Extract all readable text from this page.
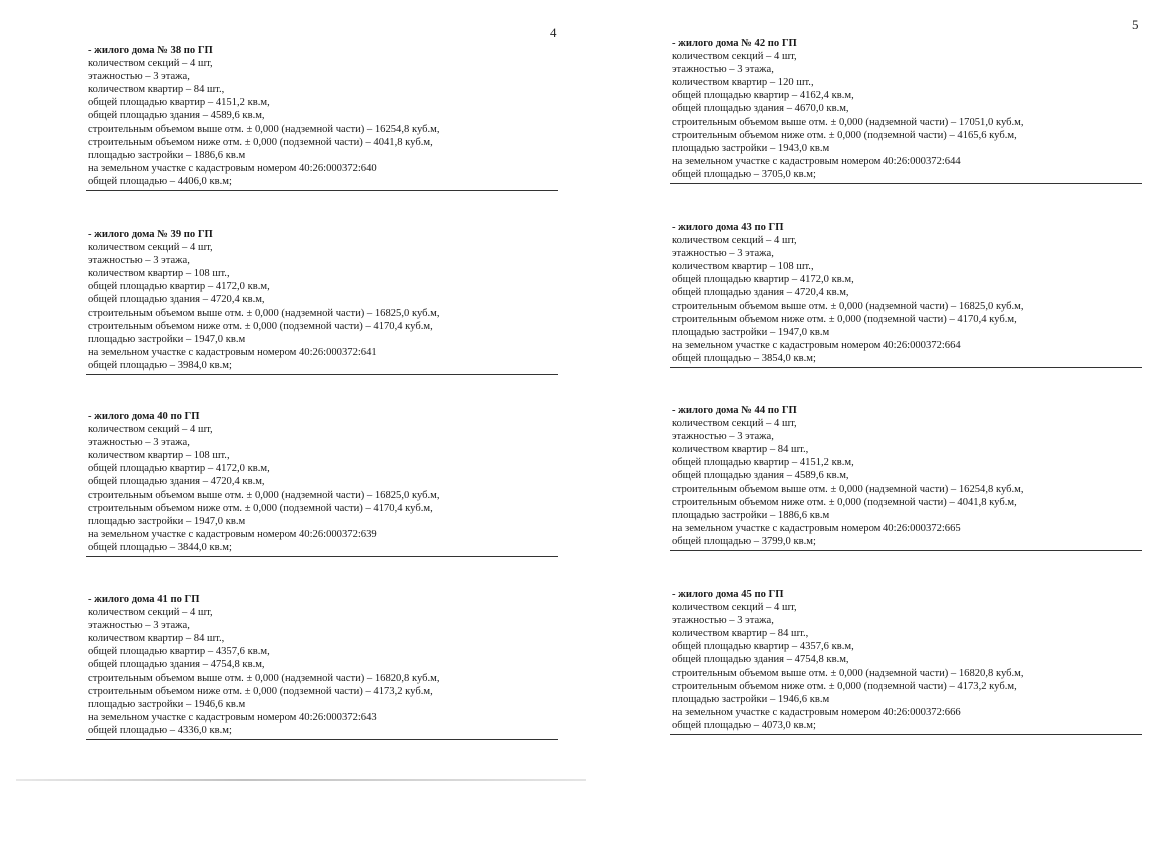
4
- жилого дома № 38 по ГП
количеством секций – 4 шт,
этажностью – 3 этажа,
количеством квартир – 84 шт.,
общей площадью квартир – 4151,2 кв.м,
общей площадью здания – 4589,6 кв.м,
строительным объемом выше отм. ± 0,000 (надземной части) – 16254,8 куб.м,
строительным объемом ниже отм. ± 0,000 (подземной части) – 4041,8 куб.м,
площадью застройки – 1886,6 кв.м
на земельном участке с кадастровым номером 40:26:000372:640
общей площадью – 4406,0 кв.м;
- жилого дома № 39 по ГП
количеством секций – 4 шт,
этажностью – 3 этажа,
количеством квартир – 108 шт.,
общей площадью квартир – 4172,0 кв.м,
общей площадью здания – 4720,4 кв.м,
строительным объемом выше отм. ± 0,000 (надземной части) – 16825,0 куб.м,
строительным объемом ниже отм. ± 0,000 (подземной части) – 4170,4 куб.м,
площадью застройки – 1947,0 кв.м
на земельном участке с кадастровым номером 40:26:000372:641
общей площадью – 3984,0 кв.м;
- жилого дома 40 по ГП
количеством секций – 4 шт,
этажностью – 3 этажа,
количеством квартир – 108 шт.,
общей площадью квартир – 4172,0 кв.м,
общей площадью здания – 4720,4 кв.м,
строительным объемом выше отм. ± 0,000 (надземной части) – 16825,0 куб.м,
строительным объемом ниже отм. ± 0,000 (подземной части) – 4170,4 куб.м,
площадью застройки – 1947,0 кв.м
на земельном участке с кадастровым номером 40:26:000372:639
общей площадью – 3844,0 кв.м;
- жилого дома 41 по ГП
количеством секций – 4 шт,
этажностью – 3 этажа,
количеством квартир – 84 шт.,
общей площадью квартир – 4357,6 кв.м,
общей площадью здания – 4754,8 кв.м,
строительным объемом выше отм. ± 0,000 (надземной части) – 16820,8 куб.м,
строительным объемом ниже отм. ± 0,000 (подземной части) – 4173,2 куб.м,
площадью застройки – 1946,6 кв.м
на земельном участке с кадастровым номером 40:26:000372:643
общей площадью – 4336,0 кв.м;
5
- жилого дома № 42 по ГП
количеством секций – 4 шт,
этажностью – 3 этажа,
количеством квартир – 120 шт.,
общей площадью квартир – 4162,4 кв.м,
общей площадью здания – 4670,0 кв.м,
строительным объемом выше отм. ± 0,000 (надземной части) – 17051,0 куб.м,
строительным объемом ниже отм. ± 0,000 (подземной части) – 4165,6 куб.м,
площадью застройки – 1943,0 кв.м
на земельном участке с кадастровым номером 40:26:000372:644
общей площадью – 3705,0 кв.м;
- жилого дома 43 по ГП
количеством секций – 4 шт,
этажностью – 3 этажа,
количеством квартир – 108 шт.,
общей площадью квартир – 4172,0 кв.м,
общей площадью здания – 4720,4 кв.м,
строительным объемом выше отм. ± 0,000 (надземной части) – 16825,0 куб.м,
строительным объемом ниже отм. ± 0,000 (подземной части) – 4170,4 куб.м,
площадью застройки – 1947,0 кв.м
на земельном участке с кадастровым номером 40:26:000372:664
общей площадью – 3854,0 кв.м;
- жилого дома № 44 по ГП
количеством секций – 4 шт,
этажностью – 3 этажа,
количеством квартир – 84 шт.,
общей площадью квартир – 4151,2 кв.м,
общей площадью здания – 4589,6 кв.м,
строительным объемом выше отм. ± 0,000 (надземной части) – 16254,8 куб.м,
строительным объемом ниже отм. ± 0,000 (подземной части) – 4041,8 куб.м,
площадью застройки – 1886,6 кв.м
на земельном участке с кадастровым номером 40:26:000372:665
общей площадью – 3799,0 кв.м;
- жилого дома 45 по ГП
количеством секций – 4 шт,
этажностью – 3 этажа,
количеством квартир – 84 шт.,
общей площадью квартир – 4357,6 кв.м,
общей площадью здания – 4754,8 кв.м,
строительным объемом выше отм. ± 0,000 (надземной части) – 16820,8 куб.м,
строительным объемом ниже отм. ± 0,000 (подземной части) – 4173,2 куб.м,
площадью застройки – 1946,6 кв.м
на земельном участке с кадастровым номером 40:26:000372:666
общей площадью – 4073,0 кв.м;
